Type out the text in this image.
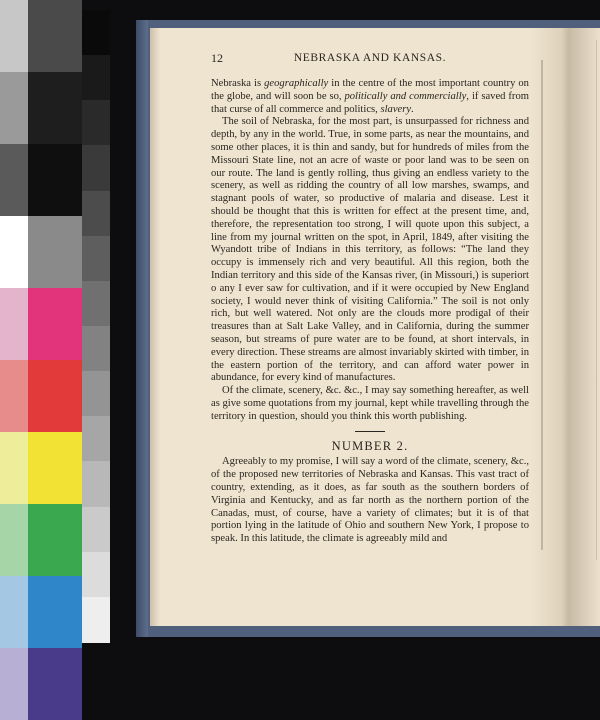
12	NEBRASKA AND KANSAS.

Nebraska is geographically in the centre of the most important country on the globe, and will soon be so, politically and commercially, if saved from that curse of all commerce and politics, slavery.

The soil of Nebraska, for the most part, is unsurpassed for richness and depth, by any in the world. True, in some parts, as near the mountains, and some other places, it is thin and sandy, but for hundreds of miles from the Missouri State line, not an acre of waste or poor land was to be seen on our route. The land is gently rolling, thus giving an endless variety to the scenery, as well as ridding the country of all low marshes, swamps, and stagnant pools of water, so productive of malaria and disease. Lest it should be thought that this is written for effect at the present time, and, therefore, the representation too strong, I will quote upon this subject, a line from my journal written on the spot, in April, 1849, after visiting the Wyandott tribe of Indians in this territory, as follows: “The land they occupy is immensely rich and very beautiful. All this region, both the Indian territory and this side of the Kansas river, (in Missouri,) is superiort o any I ever saw for cultivation, and if it were occupied by New England society, I would never think of visiting California.” The soil is not only rich, but well watered. Not only are the clouds more prodigal of their treasures than at Salt Lake Valley, and in California, during the summer season, but streams of pure water are to be found, at short intervals, in every direction. These streams are almost invariably skirted with timber, in the eastern portion of the territory, and can afford water power in abundance, for every kind of manufactures.

Of the climate, scenery, &c. &c., I may say something hereafter, as well as give some quotations from my journal, kept while travelling through the territory in question, should you think this worth publishing.

NUMBER 2.

Agreeably to my promise, I will say a word of the climate, scenery, &c., of the proposed new territories of Nebraska and Kansas. This vast tract of country, extending, as it does, as far south as the southern borders of Virginia and Kentucky, and as far north as the northern portion of the Canadas, must, of course, have a variety of climates; but it is of that portion lying in the latitude of Ohio and southern New York, I propose to speak. In this latitude, the climate is agreeably mild and
